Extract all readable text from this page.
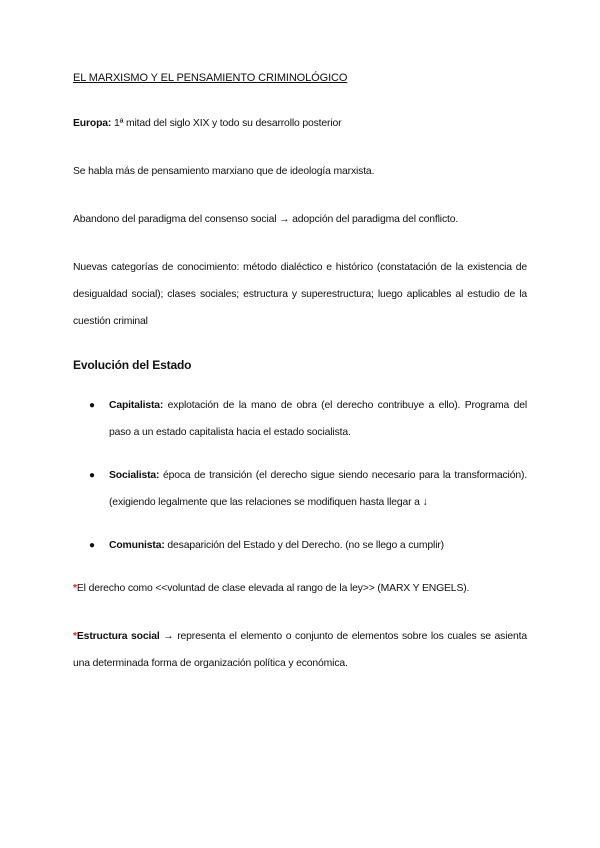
EL MARXISMO Y EL PENSAMIENTO CRIMINOLÓGICO

Europa: 1ª mitad del siglo XIX y todo su desarrollo posterior

Se habla más de pensamiento marxiano que de ideología marxista.

Abandono del paradigma del consenso social → adopción del paradigma del conflicto.

Nuevas categorías de conocimiento: método dialéctico e histórico (constatación de la existencia de desigualdad social); clases sociales; estructura y superestructura; luego aplicables al estudio de la cuestión criminal

Evolución del Estado
● Capitalista: explotación de la mano de obra (el derecho contribuye a ello). Programa del paso a un estado capitalista hacia el estado socialista.
● Socialista: época de transición (el derecho sigue siendo necesario para la transformación). (exigiendo legalmente que las relaciones se modifiquen hasta llegar a ↓
● Comunista: desaparición del Estado y del Derecho. (no se llego a cumplir)

*El derecho como <<voluntad de clase elevada al rango de la ley>> (MARX Y ENGELS).

*Estructura social → representa el elemento o conjunto de elementos sobre los cuales se asienta una determinada forma de organización política y económica.
